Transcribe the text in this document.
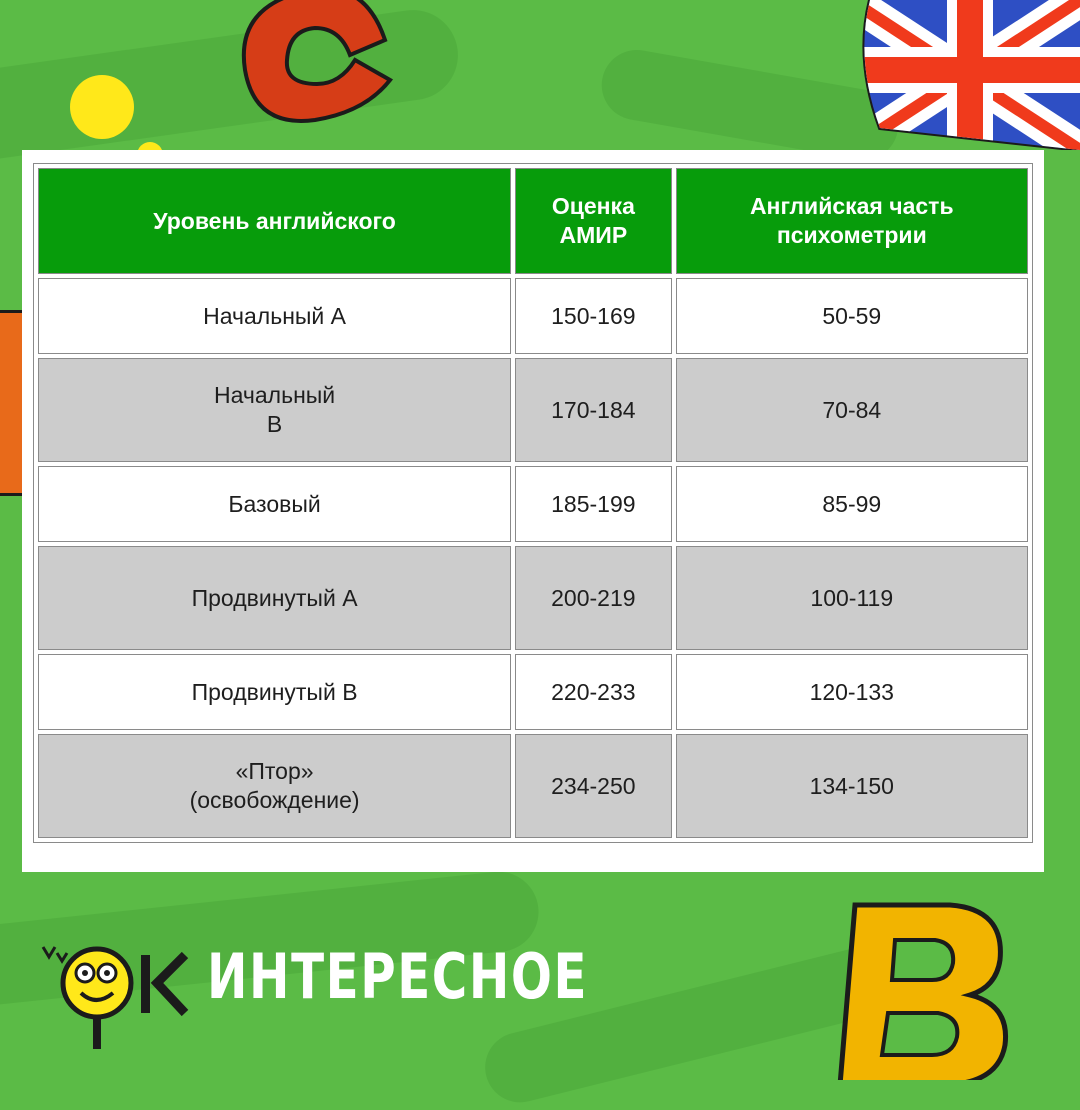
Уровень английского	Оценка АМИР	Английская часть психометрии
Начальный A	150-169	50-59
Начальный B	170-184	70-84
Базовый	185-199	85-99
Продвинутый A	200-219	100-119
Продвинутый B	220-233	120-133
«Птор» (освобождение)	234-250	134-150
ИНТЕРЕСНОЕ
